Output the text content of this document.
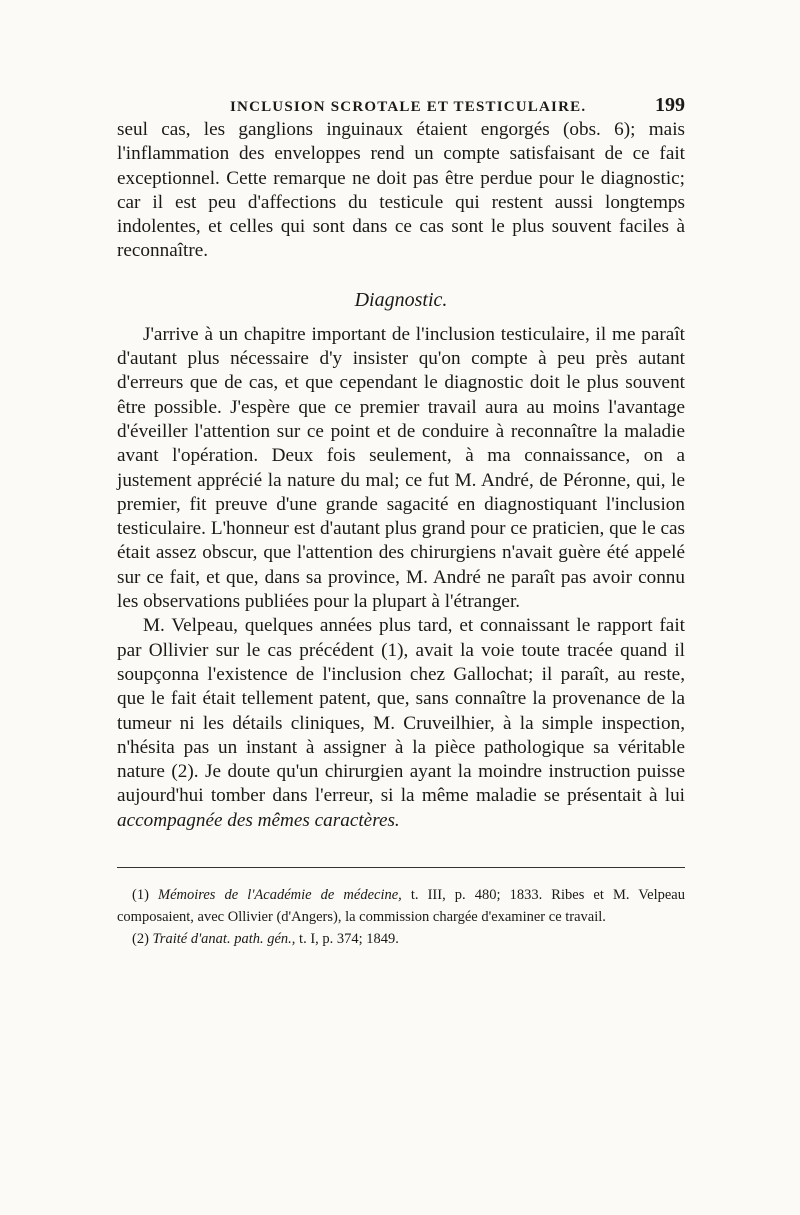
INCLUSION SCROTALE ET TESTICULAIRE.	199

seul cas, les ganglions inguinaux étaient engorgés (obs. 6); mais l'inflammation des enveloppes rend un compte satisfaisant de ce fait exceptionnel. Cette remarque ne doit pas être perdue pour le diagnostic; car il est peu d'affections du testicule qui restent aussi longtemps indolentes, et celles qui sont dans ce cas sont le plus souvent faciles à reconnaître.

Diagnostic.

J'arrive à un chapitre important de l'inclusion testiculaire, il me paraît d'autant plus nécessaire d'y insister qu'on compte à peu près autant d'erreurs que de cas, et que cependant le diagnostic doit le plus souvent être possible. J'espère que ce premier travail aura au moins l'avantage d'éveiller l'attention sur ce point et de conduire à reconnaître la maladie avant l'opération. Deux fois seulement, à ma connaissance, on a justement apprécié la nature du mal; ce fut M. André, de Péronne, qui, le premier, fit preuve d'une grande sagacité en diagnostiquant l'inclusion testiculaire. L'honneur est d'autant plus grand pour ce praticien, que le cas était assez obscur, que l'attention des chirurgiens n'avait guère été appelé sur ce fait, et que, dans sa province, M. André ne paraît pas avoir connu les observations publiées pour la plupart à l'étranger.

M. Velpeau, quelques années plus tard, et connaissant le rapport fait par Ollivier sur le cas précédent (1), avait la voie toute tracée quand il soupçonna l'existence de l'inclusion chez Gallochat; il paraît, au reste, que le fait était tellement patent, que, sans connaître la provenance de la tumeur ni les détails cliniques, M. Cruveilhier, à la simple inspection, n'hésita pas un instant à assigner à la pièce pathologique sa véritable nature (2). Je doute qu'un chirurgien ayant la moindre instruction puisse aujourd'hui tomber dans l'erreur, si la même maladie se présentait à lui accompagnée des mêmes caractères.

(1) Mémoires de l'Académie de médecine, t. III, p. 480; 1833. Ribes et M. Velpeau composaient, avec Ollivier (d'Angers), la commission chargée d'examiner ce travail.

(2) Traité d'anat. path. gén., t. I, p. 374; 1849.
